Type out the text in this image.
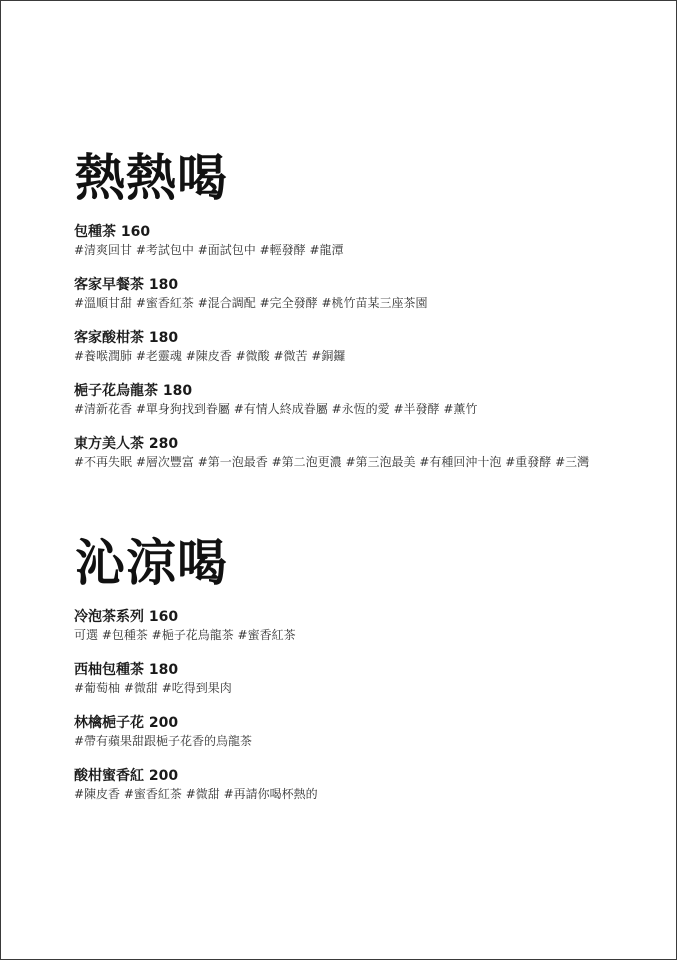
熱熱喝
包種茶 160
#清爽回甘 #考試包中 #面試包中 #輕發酵 #龍潭
客家早餐茶 180
#溫順甘甜 #蜜香紅茶 #混合調配 #完全發酵 #桃竹苗某三座茶園
客家酸柑茶 180
#養喉潤肺 #老靈魂 #陳皮香 #微酸 #微苦 #銅鑼
梔子花烏龍茶 180
#清新花香 #單身狗找到眷屬 #有情人終成眷屬 #永恆的愛 #半發酵 #薰竹
東方美人茶 280
#不再失眠 #層次豐富 #第一泡最香 #第二泡更濃 #第三泡最美 #有種回沖十泡 #重發酵 #三灣
沁涼喝
冷泡茶系列 160
可選 #包種茶 #梔子花烏龍茶 #蜜香紅茶
西柚包種茶 180
#葡萄柚 #微甜 #吃得到果肉
林檎梔子花 200
#帶有蘋果甜跟梔子花香的烏龍茶
酸柑蜜香紅 200
#陳皮香 #蜜香紅茶 #微甜 #再請你喝杯熱的
